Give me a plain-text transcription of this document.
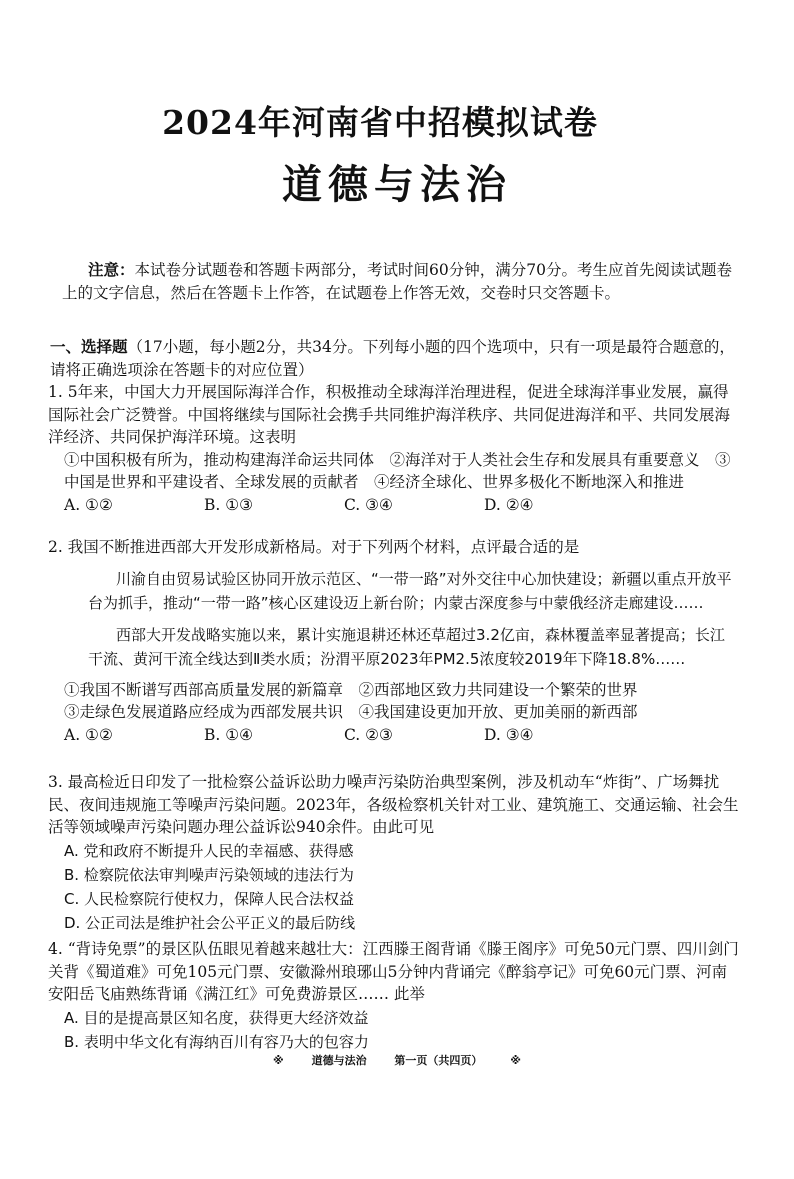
2024年河南省中招模拟试卷
道德与法治
注意：本试卷分试题卷和答题卡两部分，考试时间60分钟，满分70分。考生应首先阅读试题卷上的文字信息，然后在答题卡上作答，在试题卷上作答无效，交卷时只交答题卡。
一、选择题（17小题，每小题2分，共34分。下列每小题的四个选项中，只有一项是最符合题意的，请将正确选项涂在答题卡的对应位置）
1. 5年来，中国大力开展国际海洋合作，积极推动全球海洋治理进程，促进全球海洋事业发展，赢得国际社会广泛赞誉。中国将继续与国际社会携手共同维护海洋秩序、共同促进海洋和平、共同发展海洋经济、共同保护海洋环境。这表明
①中国积极有所为，推动构建海洋命运共同体　②海洋对于人类社会生存和发展具有重要意义　③中国是世界和平建设者、全球发展的贡献者　④经济全球化、世界多极化不断地深入和推进
A. ①②	B. ①③	C. ③④	D. ②④
2. 我国不断推进西部大开发形成新格局。对于下列两个材料，点评最合适的是
川渝自由贸易试验区协同开放示范区、“一带一路”对外交往中心加快建设；新疆以重点开放平台为抓手，推动“一带一路”核心区建设迈上新台阶；内蒙古深度参与中蒙俄经济走廊建设……
西部大开发战略实施以来，累计实施退耕还林还草超过3.2亿亩，森林覆盖率显著提高；长江干流、黄河干流全线达到Ⅱ类水质；汾渭平原2023年PM2.5浓度较2019年下降18.8%……
①我国不断谱写西部高质量发展的新篇章　②西部地区致力共同建设一个繁荣的世界
③走绿色发展道路应经成为西部发展共识　④我国建设更加开放、更加美丽的新西部
A. ①②	B. ①④	C. ②③	D. ③④
3. 最高检近日印发了一批检察公益诉讼助力噪声污染防治典型案例，涉及机动车“炸街”、广场舞扰民、夜间违规施工等噪声污染问题。2023年，各级检察机关针对工业、建筑施工、交通运输、社会生活等领域噪声污染问题办理公益诉讼940余件。由此可见
A. 党和政府不断提升人民的幸福感、获得感
B. 检察院依法审判噪声污染领域的违法行为
C. 人民检察院行使权力，保障人民合法权益
D. 公正司法是维护社会公平正义的最后防线
4. “背诗免票”的景区队伍眼见着越来越壮大：江西滕王阁背诵《滕王阁序》可免50元门票、四川剑门关背《蜀道难》可免105元门票、安徽滁州琅琊山5分钟内背诵完《醉翁亭记》可免60元门票、河南安阳岳飞庙熟练背诵《满江红》可免费游景区…… 此举
A. 目的是提高景区知名度，获得更大经济效益
B. 表明中华文化有海纳百川有容乃大的包容力
※	道德与法治	第一页（共四页）	※
